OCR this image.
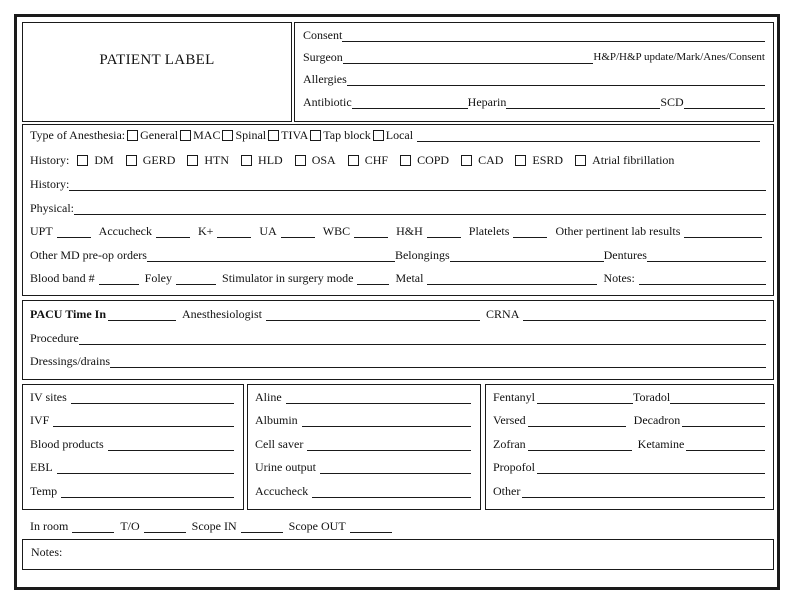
PATIENT LABEL
Consent
Surgeon	H&P/H&P update/Mark/Anes/Consent
Allergies
Antibiotic	Heparin	SCD
Type of Anesthesia: General MAC Spinal TIVA Tap block Local
History: DM GERD HTN HLD OSA CHF COPD CAD ESRD Atrial fibrillation
History:
Physical:
UPT	Accucheck	K+	UA	WBC	H&H	Platelets	Other pertinent lab results
Other MD pre-op orders	Belongings	Dentures
Blood band #	Foley	Stimulator in surgery mode	Metal	Notes:
PACU Time In	Anesthesiologist	CRNA
Procedure
Dressings/drains
IV sites
IVF
Blood products
EBL
Temp
Aline
Albumin
Cell saver
Urine output
Accucheck
Fentanyl	Toradol
Versed	Decadron
Zofran	Ketamine
Propofol
Other
In room	T/O	Scope IN	Scope OUT
Notes:
